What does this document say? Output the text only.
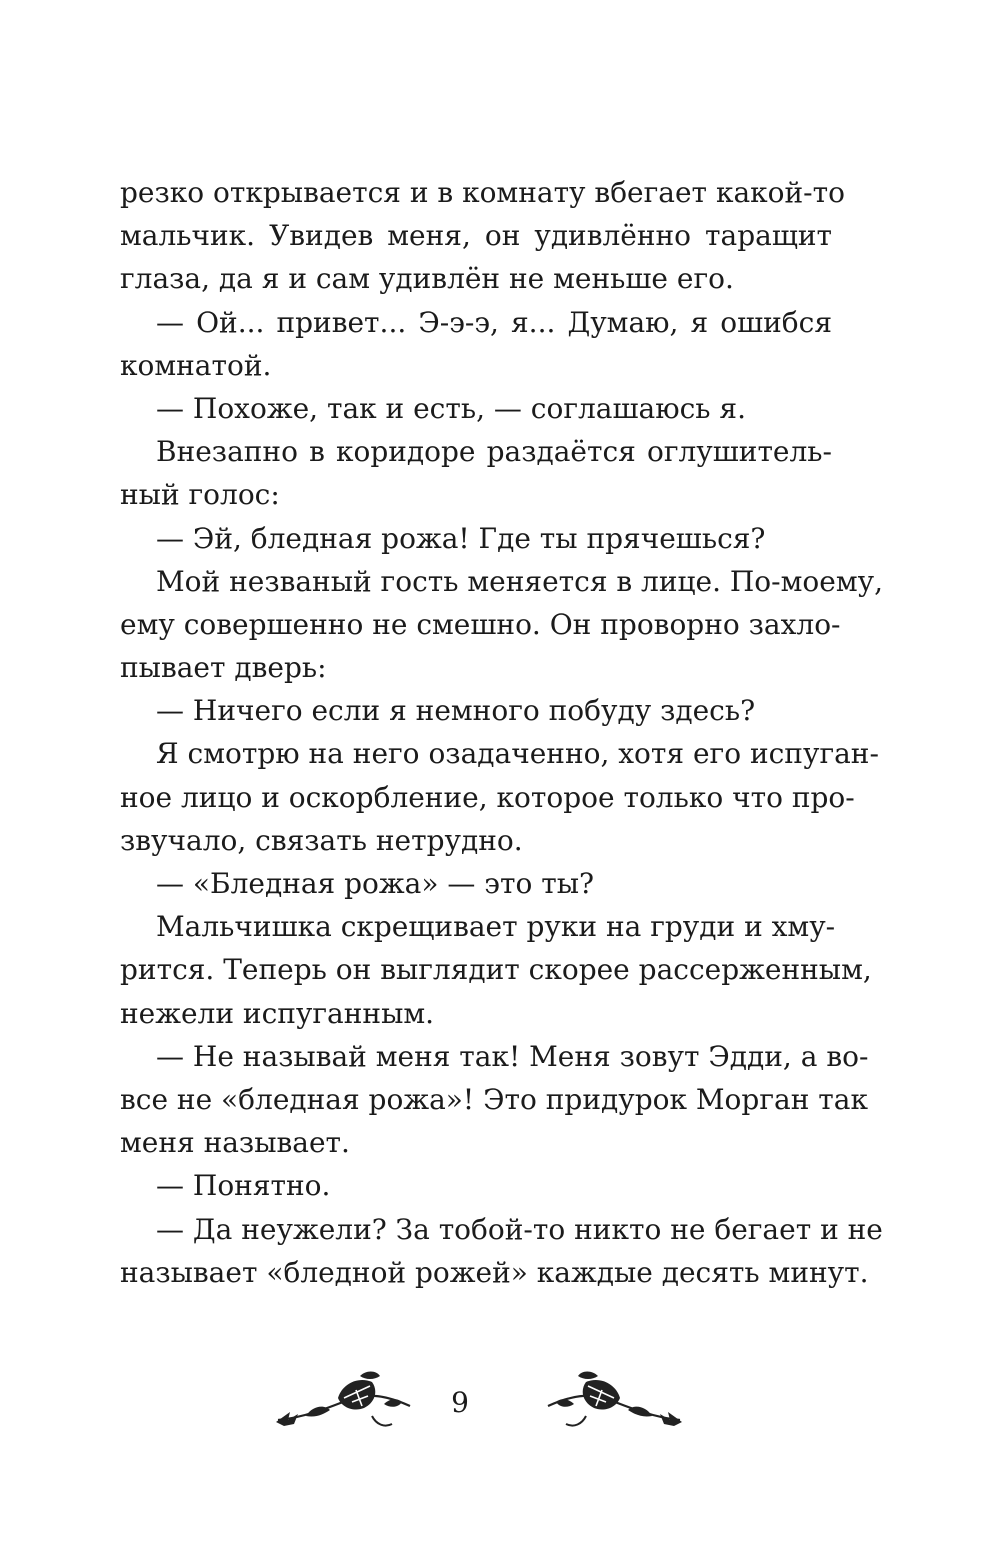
резко открывается и в комнату вбегает какой-то
мальчик. Увидев меня, он удивлённо таращит
глаза, да я и сам удивлён не меньше его.
— Ой... привет... Э-э-э, я... Думаю, я ошибся
комнатой.
— Похоже, так и есть, — соглашаюсь я.
Внезапно в коридоре раздаётся оглушитель-
ный голос:
— Эй, бледная рожа! Где ты прячешься?
Мой незваный гость меняется в лице. По-моему,
ему совершенно не смешно. Он проворно захло-
пывает дверь:
— Ничего если я немного побуду здесь?
Я смотрю на него озадаченно, хотя его испуган-
ное лицо и оскорбление, которое только что про-
звучало, связать нетрудно.
— «Бледная рожа» — это ты?
Мальчишка скрещивает руки на груди и хму-
рится. Теперь он выглядит скорее рассерженным,
нежели испуганным.
— Не называй меня так! Меня зовут Эдди, а во-
все не «бледная рожа»! Это придурок Морган так
меня называет.
— Понятно.
— Да неужели? За тобой-то никто не бегает и не
называет «бледной рожей» каждые десять минут.
9
